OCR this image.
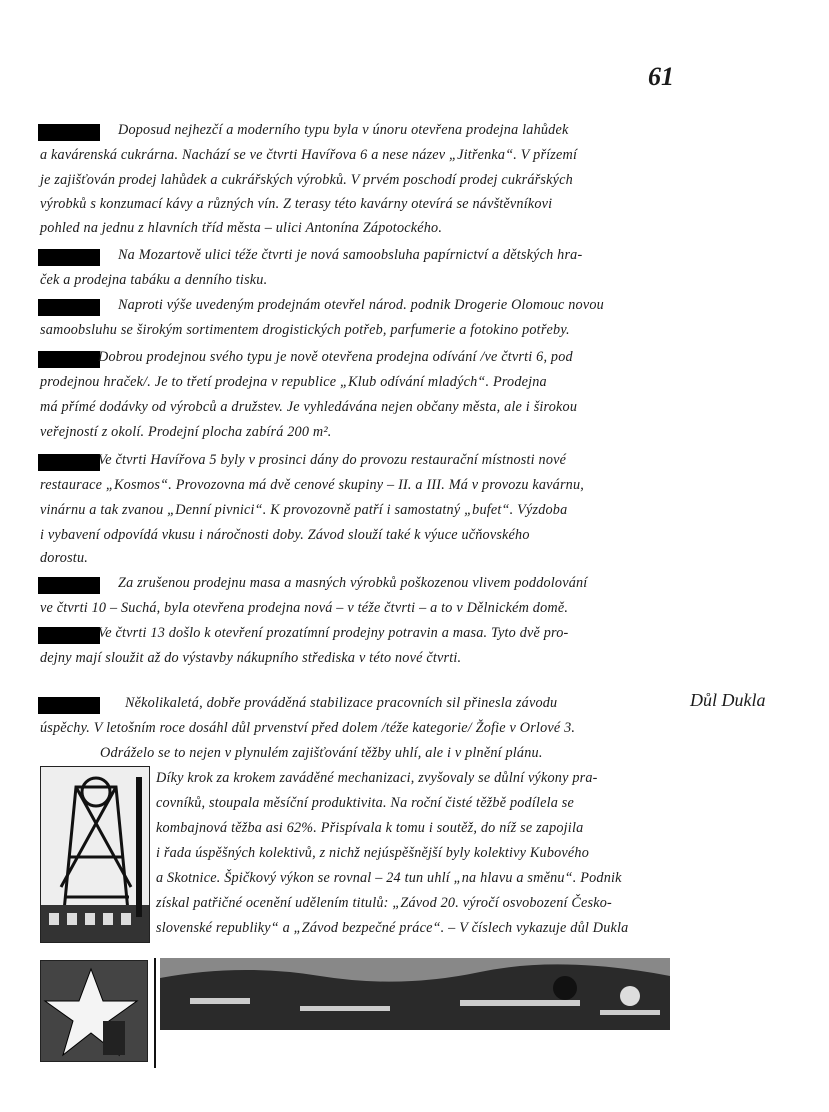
61
Důl Dukla
Doposud nejhezčí a moderního typu byla v únoru otevřena prodejna lahůdek
a kavárenská cukrárna. Nachází se ve čtvrti Havířova 6 a nese název „Jitřenka“. V přízemí
je zajišťován prodej lahůdek a cukrářských výrobků. V prvém poschodí prodej cukrářských
výrobků s konzumací kávy a různých vín. Z terasy této kavárny otevírá se návštěvníkovi
pohled na jednu z hlavních tříd města – ulici Antonína Zápotockého.
Na Mozartově ulici téže čtvrti je nová samoobsluha papírnictví a dětských hra-
ček a prodejna tabáku a denního tisku.
Naproti výše uvedeným prodejnám otevřel národ. podnik Drogerie Olomouc novou
samoobsluhu se širokým sortimentem drogistických potřeb, parfumerie a fotokino potřeby.
Dobrou prodejnou svého typu je nově otevřena prodejna odívání /ve čtvrti 6, pod
prodejnou hraček/. Je to třetí prodejna v republice „Klub odívání mladých“. Prodejna
má přímé dodávky od výrobců a družstev. Je vyhledávána nejen občany města, ale i širokou
veřejností z okolí. Prodejní plocha zabírá 200 m².
Ve čtvrti Havířova 5 byly v prosinci dány do provozu restaurační místnosti nové
restaurace „Kosmos“. Provozovna má dvě cenové skupiny – II. a III. Má v provozu kavárnu,
vinárnu a tak zvanou „Denní pivnici“. K provozovně patří i samostatný „bufet“. Výzdoba
i vybavení odpovídá vkusu i náročnosti doby. Závod slouží také k výuce učňovského
dorostu.
Za zrušenou prodejnu masa a masných výrobků poškozenou vlivem poddolování
ve čtvrti 10 – Suchá, byla otevřena prodejna nová – v téže čtvrti – a to v Dělnickém domě.
Ve čtvrti 13 došlo k otevření prozatímní prodejny potravin a masa. Tyto dvě pro-
dejny mají sloužit až do výstavby nákupního střediska v této nové čtvrti.
Několikaletá, dobře prováděná stabilizace pracovních sil přinesla závodu
úspěchy. V letošním roce dosáhl důl prvenství před dolem /téže kategorie/ Žofie v Orlové 3.
Odráželo se to nejen v plynulém zajišťování těžby uhlí, ale i v plnění plánu.
Díky krok za krokem zaváděné mechanizaci, zvyšovaly se důlní výkony pra-
covníků, stoupala měsíční produktivita. Na roční čisté těžbě podílela se
kombajnová těžba asi 62%. Přispívala k tomu i soutěž, do níž se zapojila
i řada úspěšných kolektivů, z nichž nejúspěšnější byly kolektivy Kubového
a Skotnice. Špičkový výkon se rovnal – 24 tun uhlí „na hlavu a směnu“. Podnik
získal patřičné ocenění udělením titulů: „Závod 20. výročí osvobození Česko-
slovenské republiky“ a „Závod bezpečné práce“. – V číslech vykazuje důl Dukla
